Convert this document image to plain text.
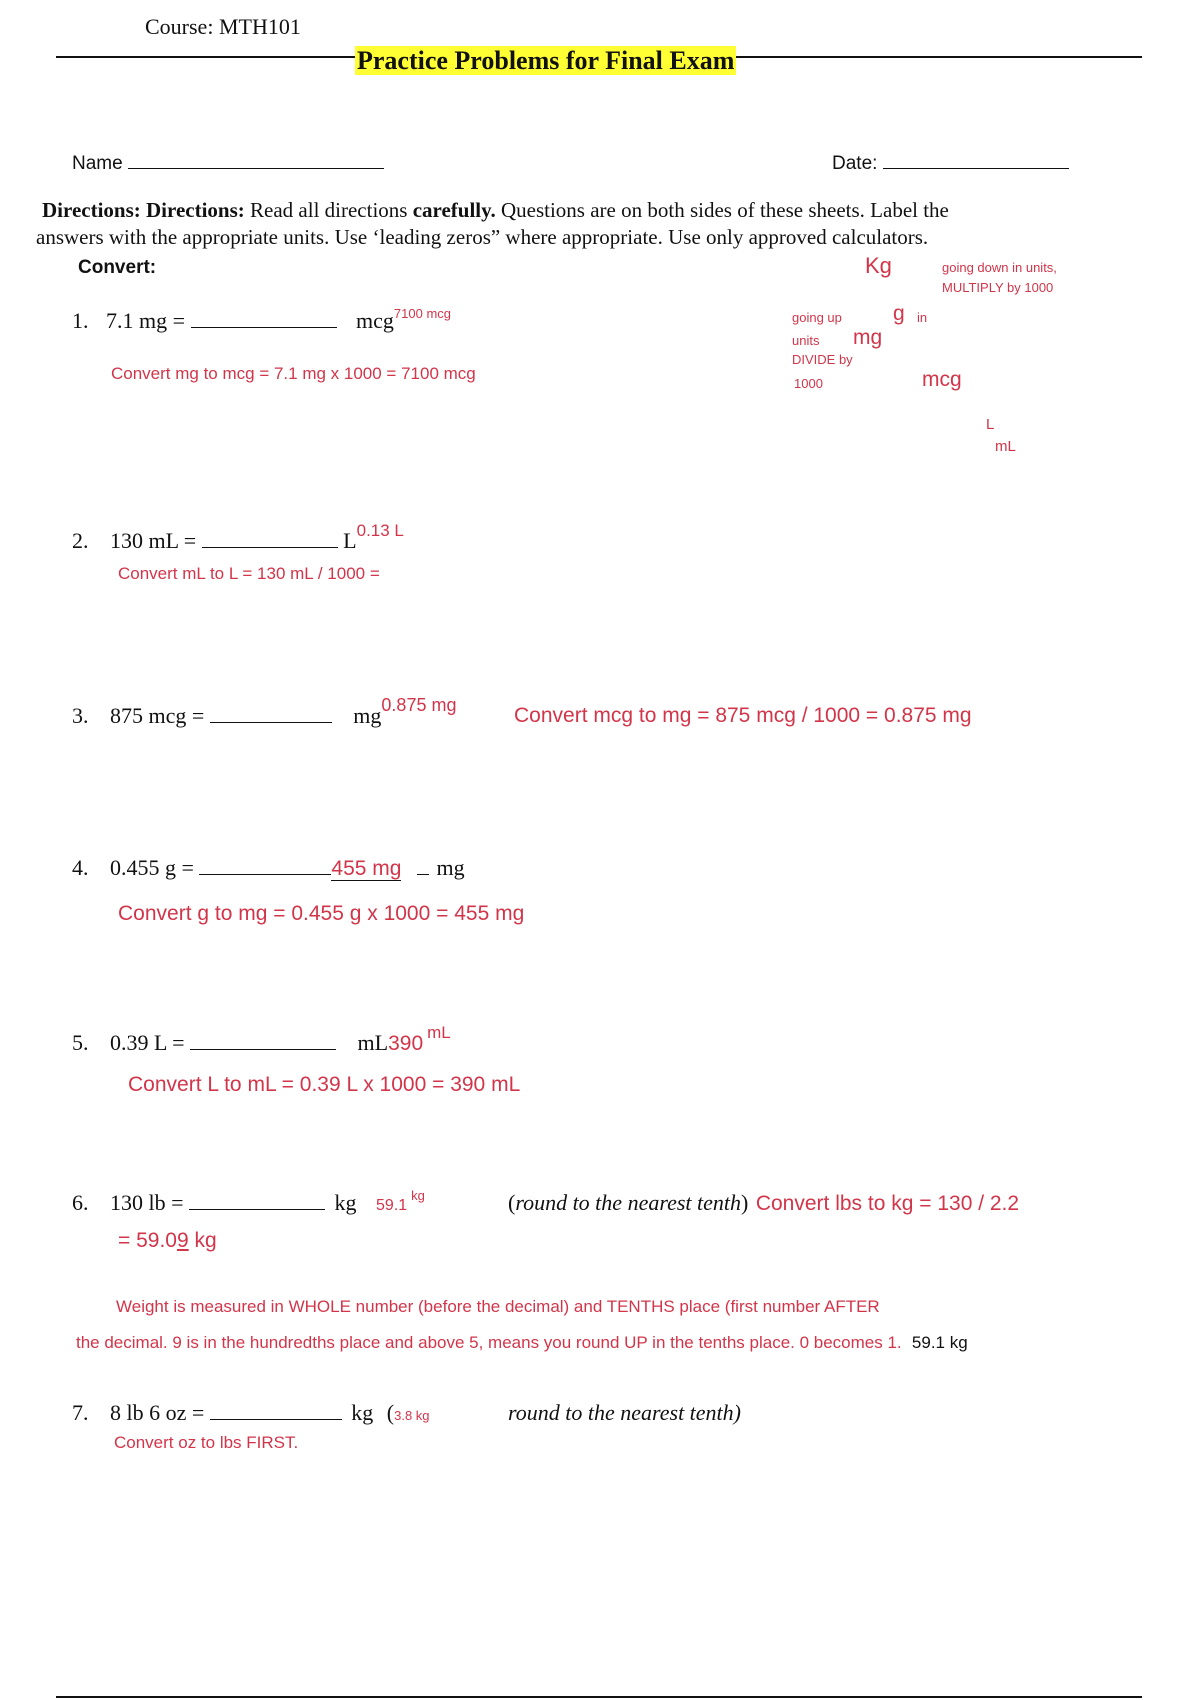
Course: MTH101
Practice Problems for Final Exam
Name	Date:
Directions: Directions: Read all directions carefully. Questions are on both sides of these sheets. Label the
answers with the appropriate units. Use ‘leading zeros” where appropriate. Use only approved calculators.
Convert:	Kg	going down in units,
MULTIPLY by 1000
going up g in
units mg
DIVIDE by
1000	mcg
L
mL
1. 7.1 mg =	mcg$^{7100 mcg}$
Convert mg to mcg = 7.1 mg x 1000 = 7100 mcg
2. 130 mL =	$L^{0.13 L}$
Convert mL to L = 130 mL / 1000 =
3. 875 mcg =	$mg^{0.875 mg}$	Convert mcg to mg = 875 mcg / 1000 = 0.875 mg
4. 0.455 g =	455 mg mg
Convert g to mg = 0.455 g x 1000 = 455 mg
5. 0.39 L =	mL390 $^{mL}$
Convert L to mL = 0.39 L x 1000 = 390 mL
6. 130 lb =	kg $59.1^{kg}$	(round to the nearest tenth) Convert lbs to kg = 130 / 2.2
= 59.09 kg
Weight is measured in WHOLE number (before the decimal) and TENTHS place (first number AFTER
the decimal. 9 is in the hundredths place and above 5, means you round UP in the tenths place. 0 becomes 1. 59.1 kg
7. 8 lb 6 oz =	kg (3.8 kg	round to the nearest tenth)
Convert oz to lbs FIRST.
